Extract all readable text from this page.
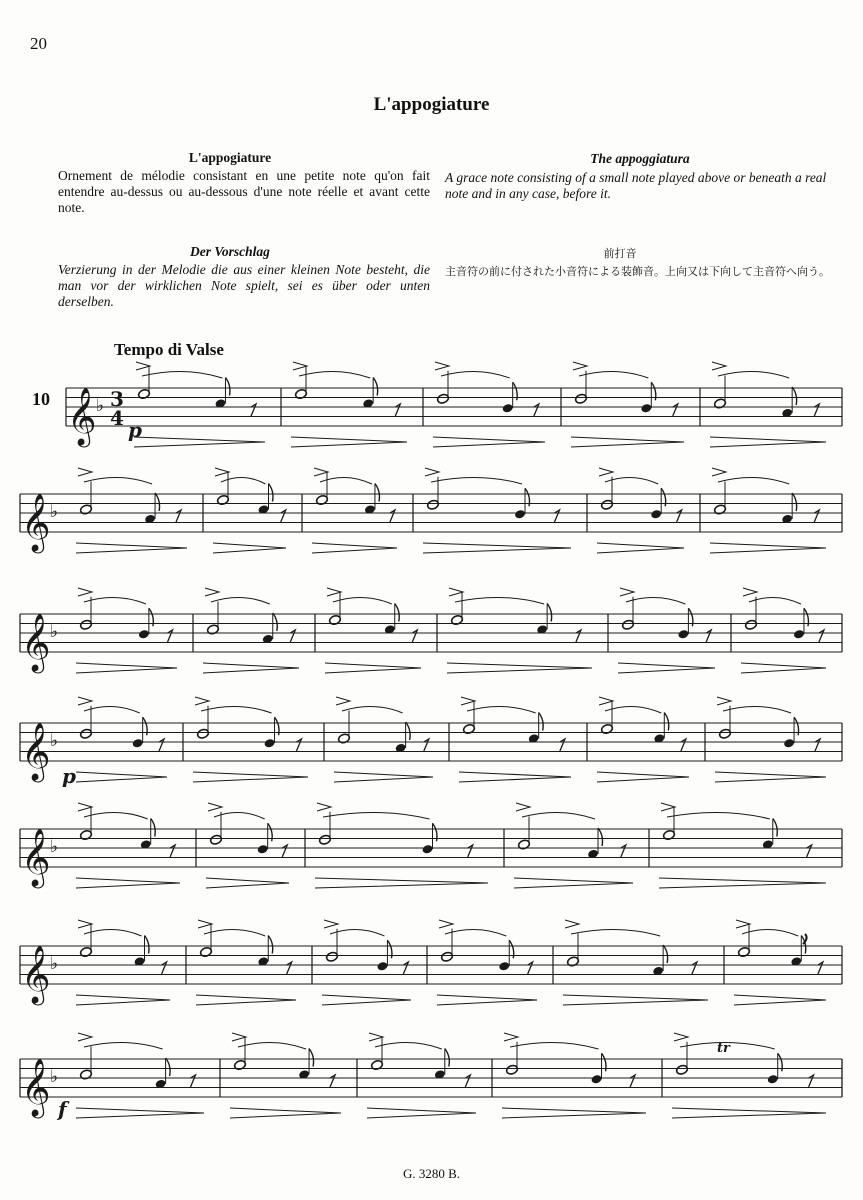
20
L'appogiature
L'appogiature
Ornement de mélodie consistant en une petite note qu'on fait entendre au-dessus ou au-dessous d'une note réelle et avant cette note.
The appoggiatura
A grace note consisting of a small note played above or beneath a real note and in any case, before it.
Der Vorschlag
Verzierung in der Melodie die aus einer kleinen Note besteht, die man vor der wirklichen Note spielt, sei es über oder unten derselben.
前打音
主音符の前に付された小音符による装飾音。上向又は下向して主音符へ向う。
𝄞 ♭ 3
4
𝄞 ♭
𝄞 ♭
𝄞 ♭
𝄞 ♭
𝄞 ♭
𝄞 ♭
p
p
f
tr
Tempo di Valse
10
G. 3280 B.
